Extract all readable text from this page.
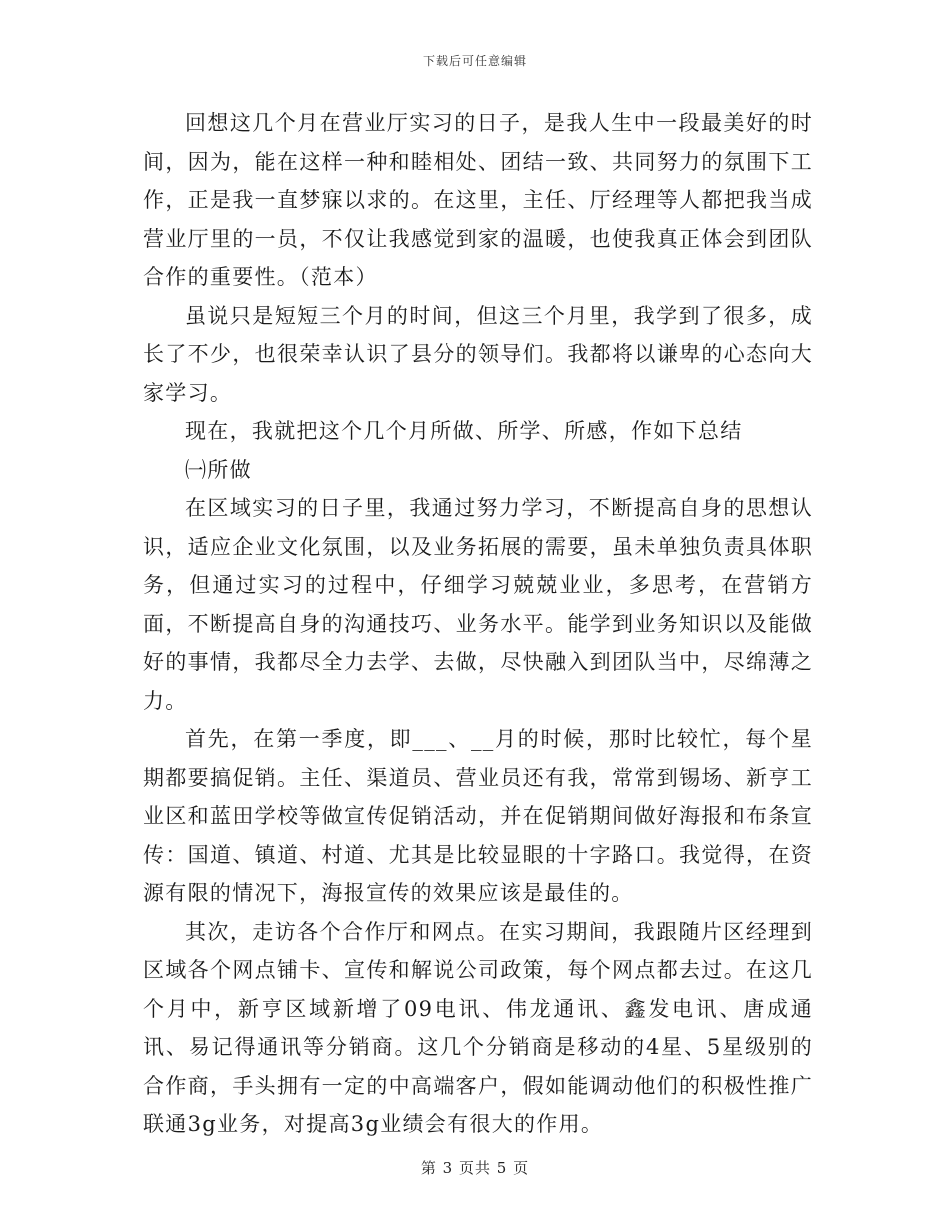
下载后可任意编辑

回想这几个月在营业厅实习的日子，是我人生中一段最美好的时间，因为，能在这样一种和睦相处、团结一致、共同努力的氛围下工作，正是我一直梦寐以求的。在这里，主任、厅经理等人都把我当成营业厅里的一员，不仅让我感觉到家的温暖，也使我真正体会到团队合作的重要性。（范本）

虽说只是短短三个月的时间，但这三个月里，我学到了很多，成长了不少，也很荣幸认识了县分的领导们。我都将以谦卑的心态向大家学习。

现在，我就把这个几个月所做、所学、所感，作如下总结

㈠所做

在区域实习的日子里，我通过努力学习，不断提高自身的思想认识，适应企业文化氛围，以及业务拓展的需要，虽未单独负责具体职务，但通过实习的过程中，仔细学习兢兢业业，多思考，在营销方面，不断提高自身的沟通技巧、业务水平。能学到业务知识以及能做好的事情，我都尽全力去学、去做，尽快融入到团队当中，尽绵薄之力。

首先，在第一季度，即___、__月的时候，那时比较忙，每个星期都要搞促销。主任、渠道员、营业员还有我，常常到锡场、新亨工业区和蓝田学校等做宣传促销活动，并在促销期间做好海报和布条宣传：国道、镇道、村道、尤其是比较显眼的十字路口。我觉得，在资源有限的情况下，海报宣传的效果应该是最佳的。

其次，走访各个合作厅和网点。在实习期间，我跟随片区经理到区域各个网点铺卡、宣传和解说公司政策，每个网点都去过。在这几个月中，新亨区域新增了09电讯、伟龙通讯、鑫发电讯、唐成通讯、易记得通讯等分销商。这几个分销商是移动的4星、5星级别的合作商，手头拥有一定的中高端客户，假如能调动他们的积极性推广联通3g业务，对提高3g业绩会有很大的作用。

第 3 页共 5 页
